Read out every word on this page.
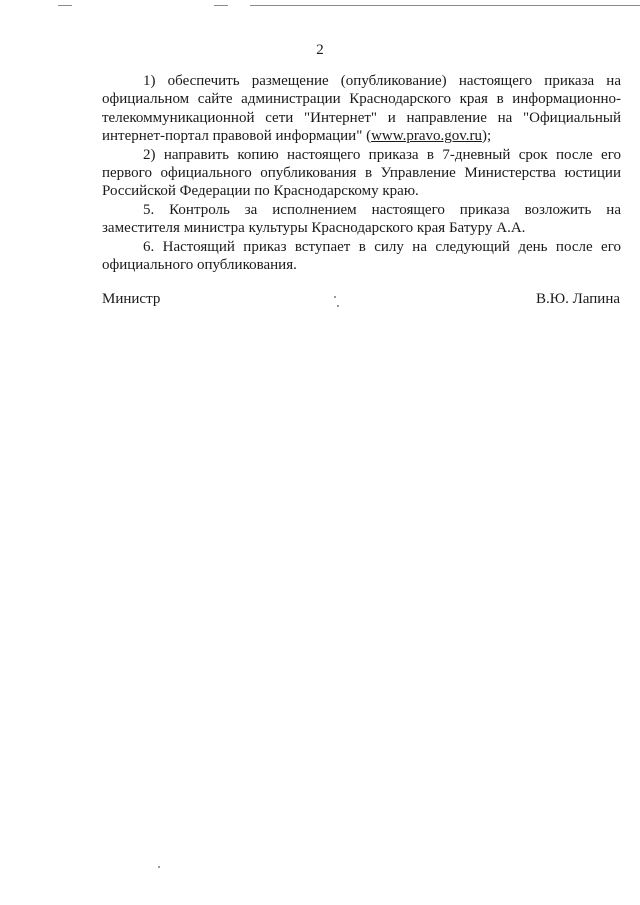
2

1) обеспечить размещение (опубликование) настоящего приказа на официальном сайте администрации Краснодарского края в информационно-телекоммуникационной сети "Интернет" и направление на "Официальный интернет-портал правовой информации" (www.pravo.gov.ru);

2) направить копию настоящего приказа в 7-дневный срок после его первого официального опубликования в Управление Министерства юстиции Российской Федерации по Краснодарскому краю.

5. Контроль за исполнением настоящего приказа возложить на заместителя министра культуры Краснодарского края Батуру А.А.

6. Настоящий приказ вступает в силу на следующий день после его официального опубликования.

Министр	В.Ю. Лапина
